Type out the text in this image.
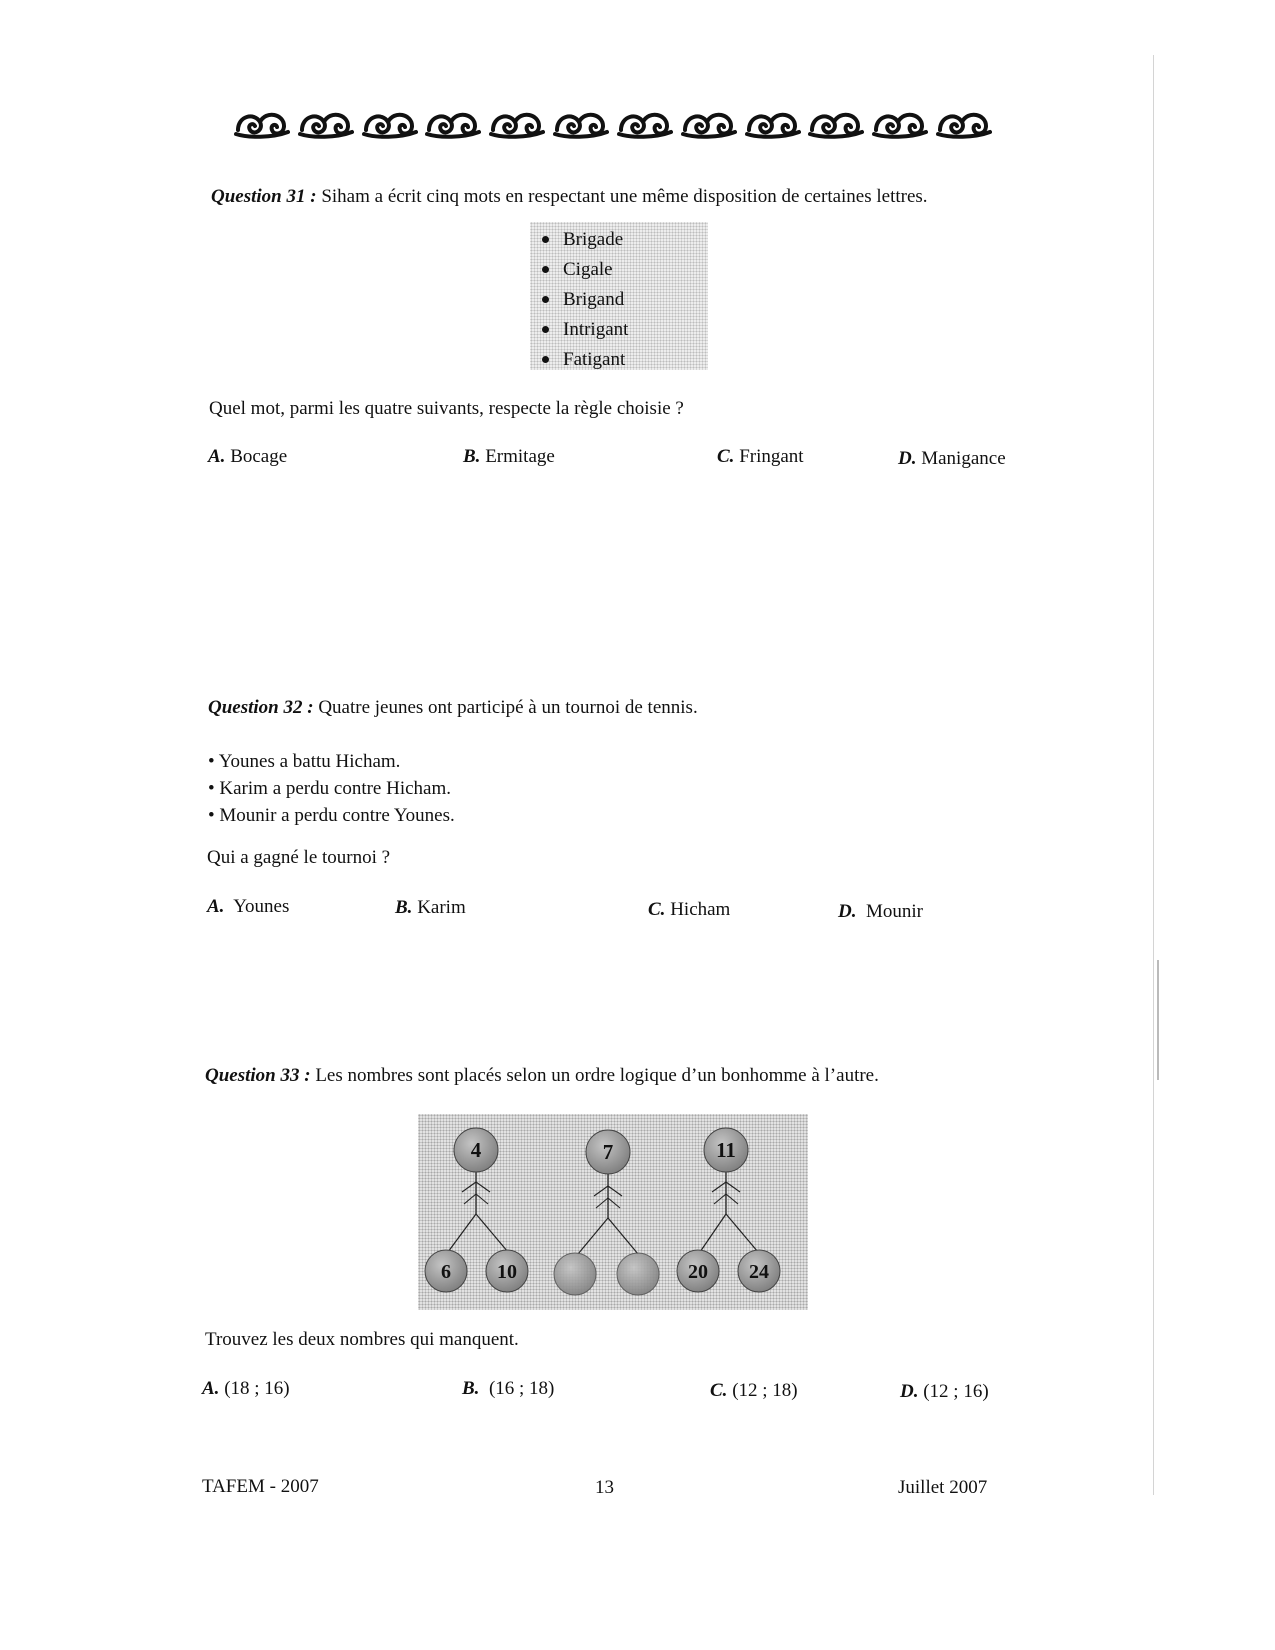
Question 31 : Siham a écrit cinq mots en respectant une même disposition de certaines lettres.
Brigade
Cigale
Brigand
Intrigant
Fatigant
Quel mot, parmi les quatre suivants, respecte la règle choisie ?
A. Bocage	B. Ermitage	C. Fringant	D. Manigance
Question 32 : Quatre jeunes ont participé à un tournoi de tennis.
• Younes a battu Hicham.
• Karim a perdu contre Hicham.
• Mounir a perdu contre Younes.
Qui a gagné le tournoi ?
A. Younes	B. Karim	C. Hicham	D. Mounir
Question 33 : Les nombres sont placés selon un ordre logique d’un bonhomme à l’autre.
4
6 10
7	11
20 24
Trouvez les deux nombres qui manquent.
A. (18 ; 16)	B. (16 ; 18)	C. (12 ; 18)	D. (12 ; 16)
TAFEM - 2007	13	Juillet 2007
